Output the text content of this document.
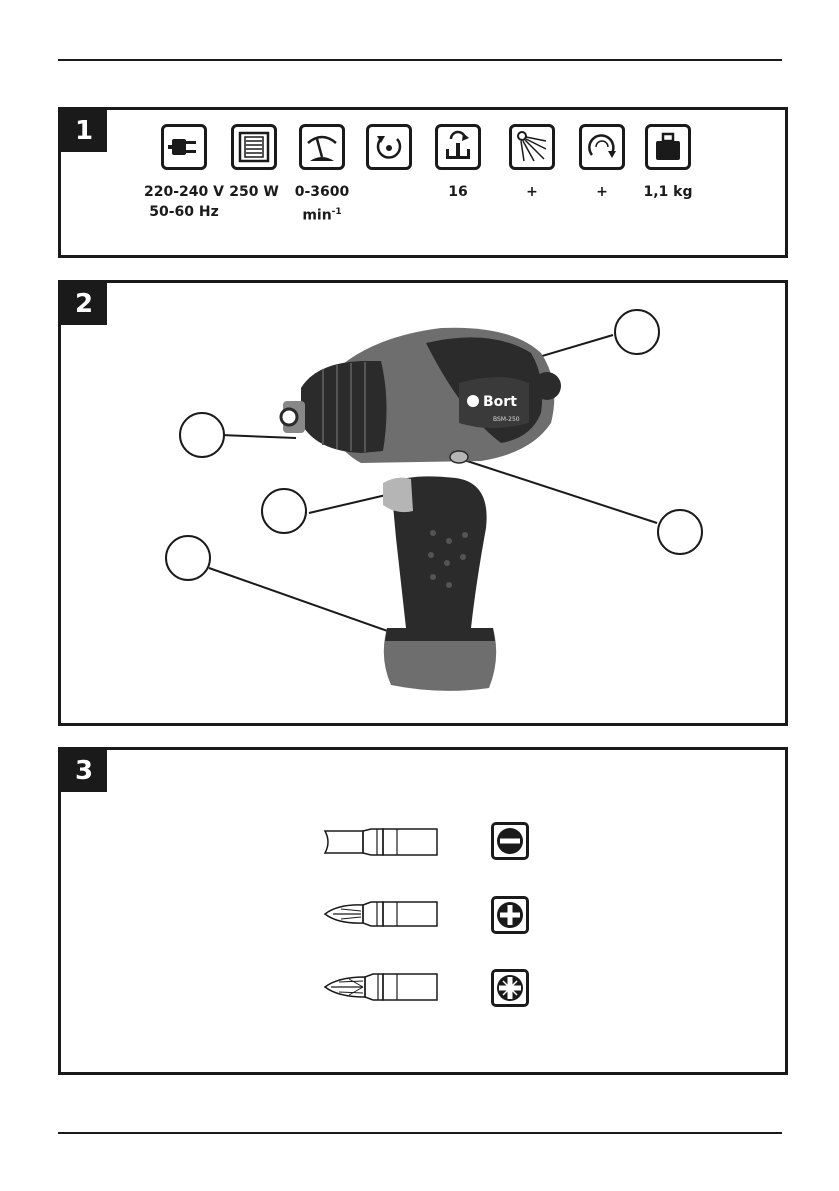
1
220-240 V
50-60 Hz
250 W	0-3600
$\min^{-1}$
16	+	+	1,1 kg
2
Bort
BSM-250
3
